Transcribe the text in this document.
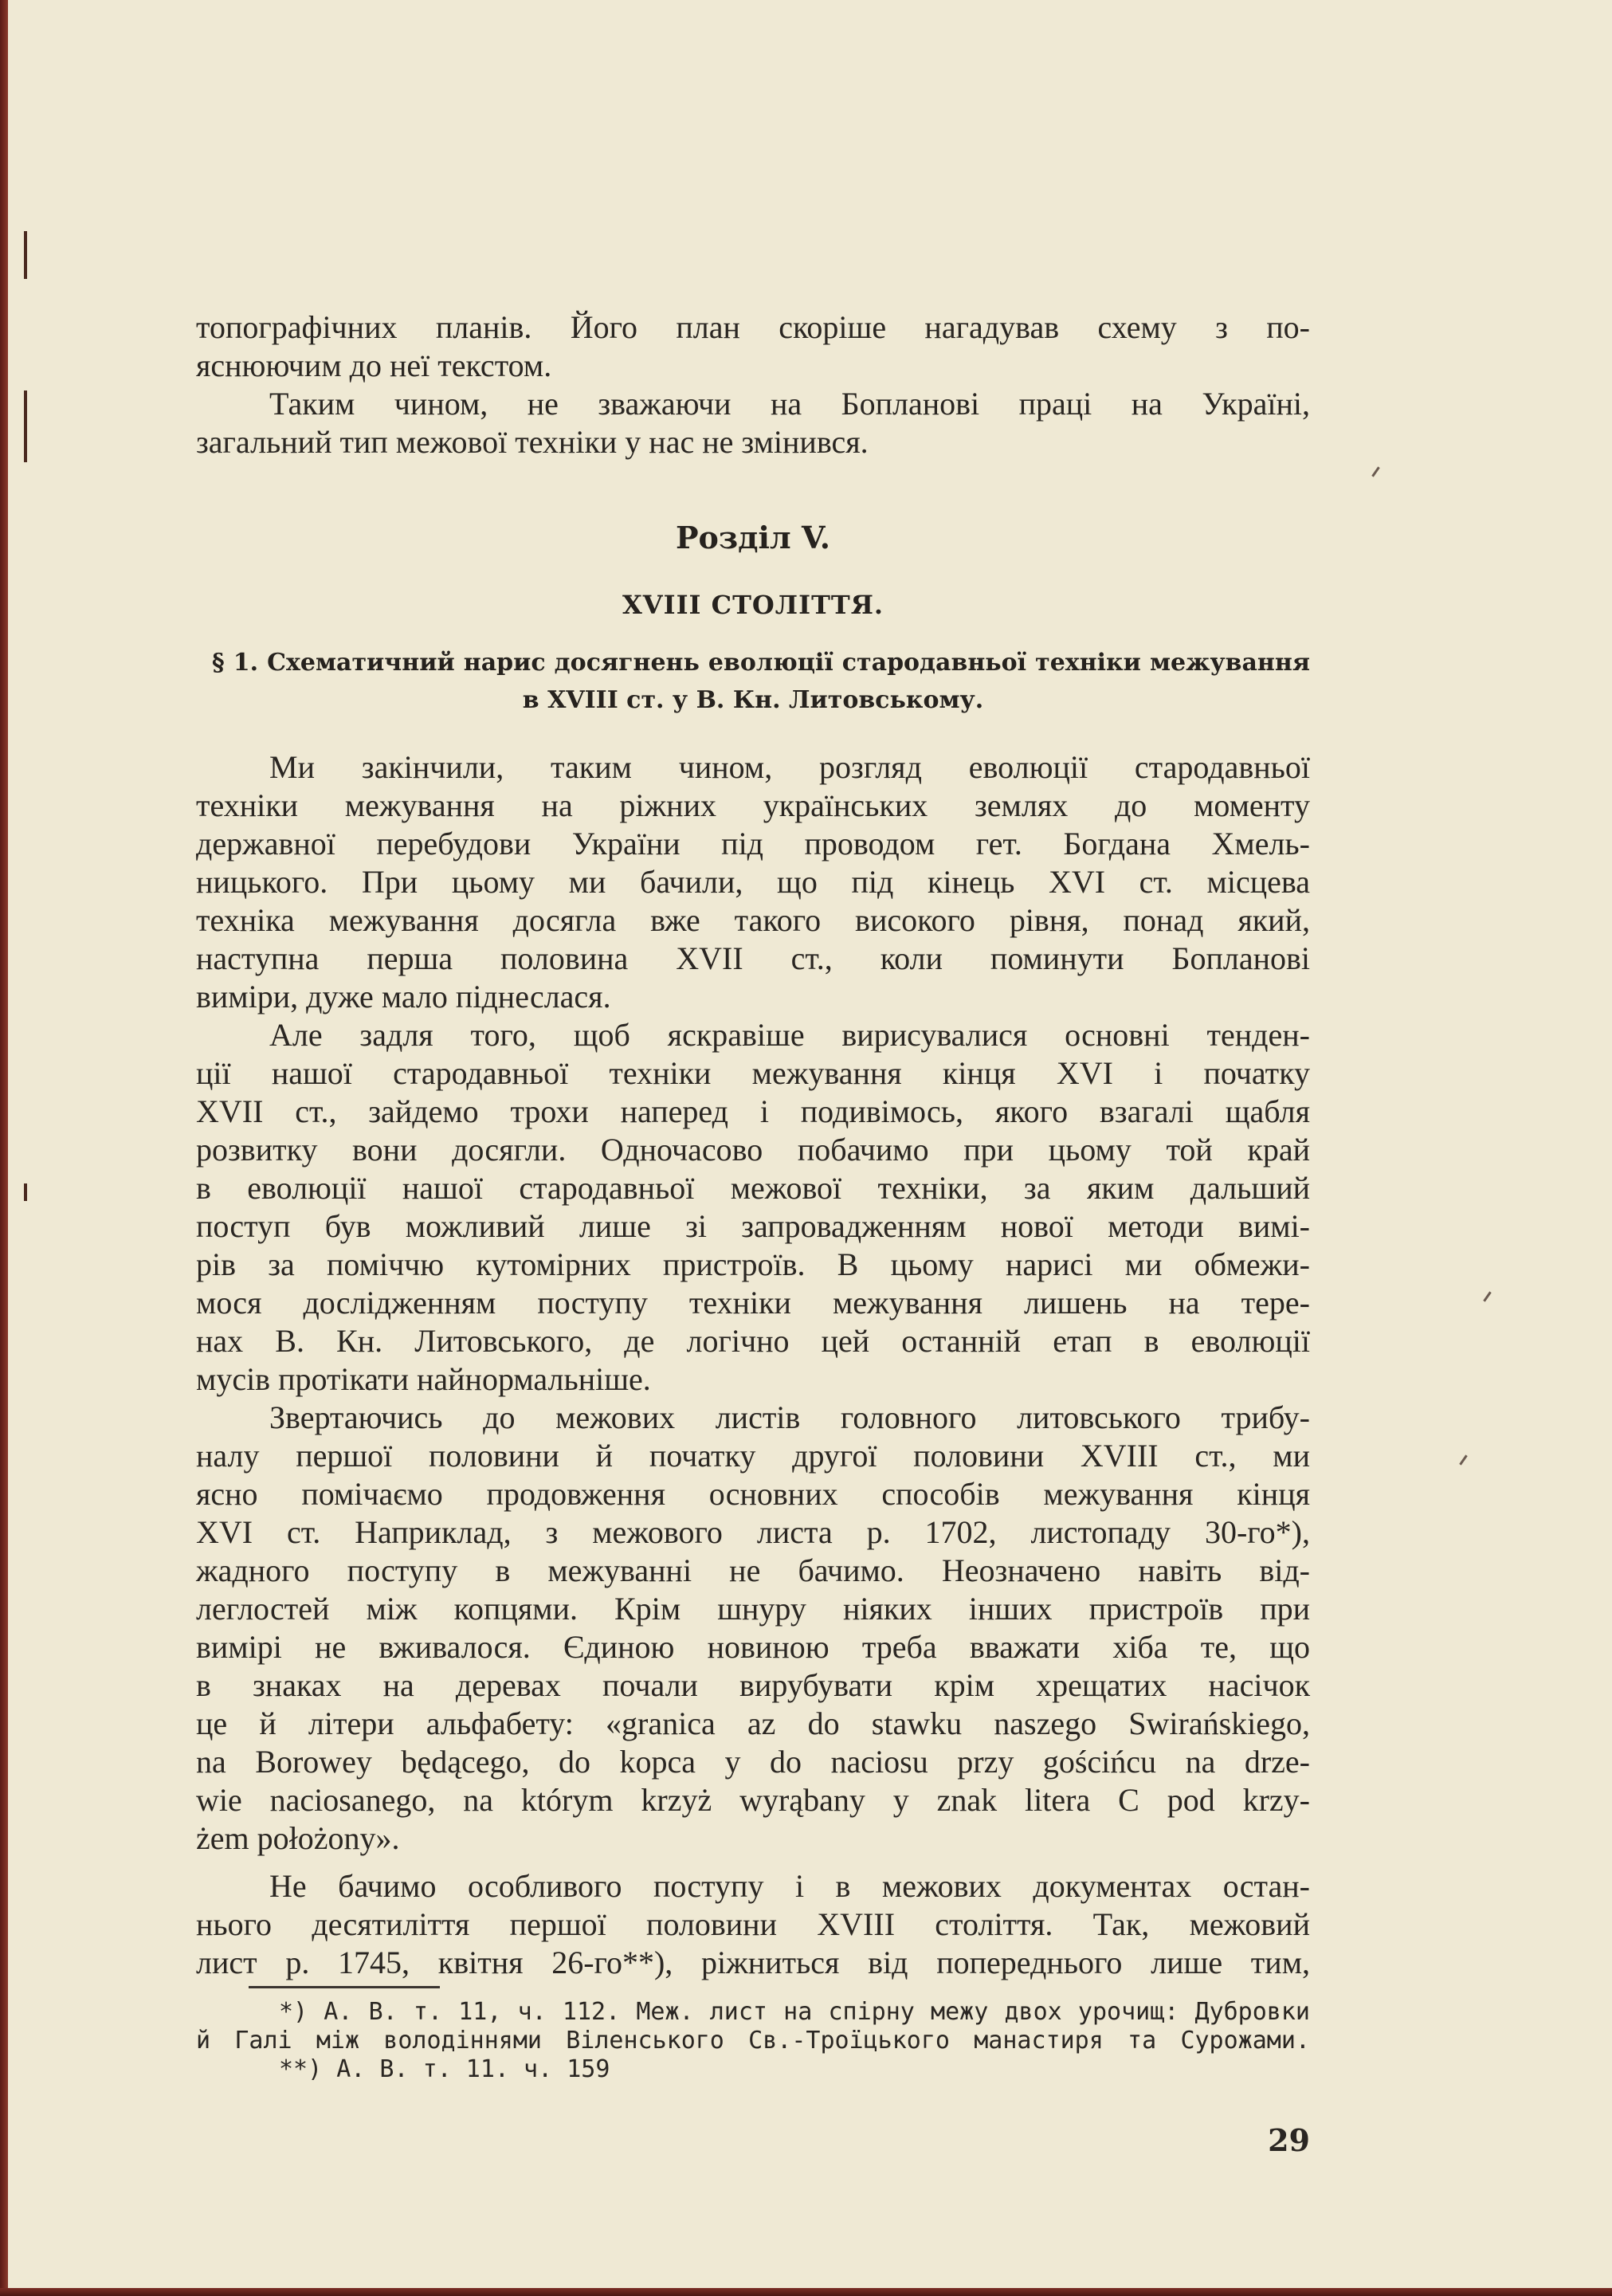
топографічних планів. Його план скоріше нагадував схему з по-
яснюючим до неї текстом.
Таким чином, не зважаючи на Бопланові праці на Україні,
загальний тип межової техніки у нас не змінився.
Розділ V.
XVIII СТОЛІТТЯ.
§ 1. Схематичний нарис досягнень еволюції стародавньої техніки межування
в XVIII ст. у В. Кн. Литовському.
Ми закінчили, таким чином, розгляд еволюції стародавньої
техніки межування на ріжних українських землях до моменту
державної перебудови України під проводом гет. Богдана Хмель-
ницького. При цьому ми бачили, що під кінець XVI ст. місцева
техніка межування досягла вже такого високого рівня, понад який,
наступна перша половина XVII ст., коли поминути Бопланові
виміри, дуже мало піднеслася.
Але задля того, щоб яскравіше вирисувалися основні тенден-
ції нашої стародавньої техніки межування кінця XVI і початку
XVII ст., зайдемо трохи наперед і подивімось, якого взагалі щабля
розвитку вони досягли. Одночасово побачимо при цьому той край
в еволюції нашої стародавньої межової техніки, за яким дальший
поступ був можливий лише зі запровадженням нової методи вимі-
рів за поміччю кутомірних пристроїв. В цьому нарисі ми обмежи-
мося дослідженням поступу техніки межування лишень на тере-
нах В. Кн. Литовського, де логічно цей останній етап в еволюції
мусів протікати найнормальніше.
Звертаючись до межових листів головного литовського трибу-
налу першої половини й початку другої половини XVIII ст., ми
ясно помічаємо продовження основних способів межування кінця
XVI ст. Наприклад, з межового листа р. 1702, листопаду 30-го*),
жадного поступу в межуванні не бачимо. Неозначено навіть від-
леглостей між копцями. Крім шнуру ніяких інших пристроїв при
вимірі не вживалося. Єдиною новиною треба вважати хіба те, що
в знаках на деревах почали вирубувати крім хрещатих насічок
це й літери альфабету: «granica az do stawku naszego Swirańskiego,
na Borowey będącego, do kopca y do naciosu przy gościńcu na drze-
wie naciosanego, na którym krzyż wyrąbany y znak litera C pod krzy-
żem położony».
Не бачимо особливого поступу і в межових документах остан-
нього десятиліття першої половини XVIII століття. Так, межовий
лист р. 1745, квітня 26-го**), ріжниться від попереднього лише тим,
*) А. В. т. 11, ч. 112. Меж. лист на спірну межу двох урочищ: Дубровки
й Галі між володіннями Віленського Св.-Троїцького манастиря та Сурожами.
**) А. В. т. 11. ч. 159
29
